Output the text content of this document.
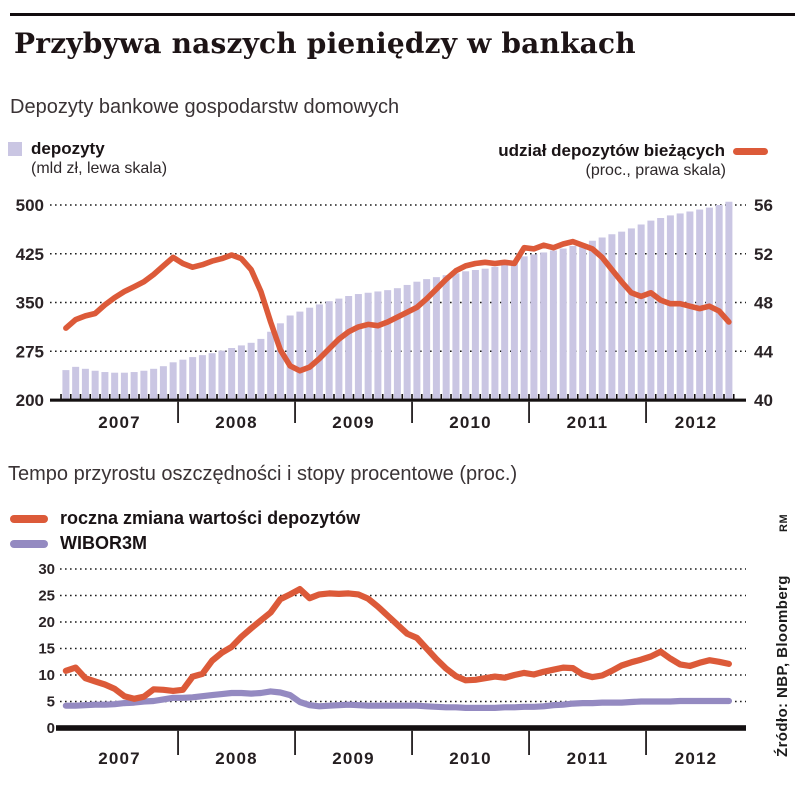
Przybywa naszych pieniędzy w bankach
Depozyty bankowe gospodarstw domowych
depozyty
(mld zł, lewa skala)
udział depozytów bieżących
(proc., prawa skala)
500
425
350
275
200
56
52
48
44
40
2007	2008	2009	2010	2011	2012
Tempo przyrostu oszczędności i stopy procentowe (proc.)
roczna zmiana wartości depozytów
WIBOR3M
30
25
20
15
10
5
0
2007	2008	2009	2010	2011	2012
RM
Źródło: NBP, Bloomberg
